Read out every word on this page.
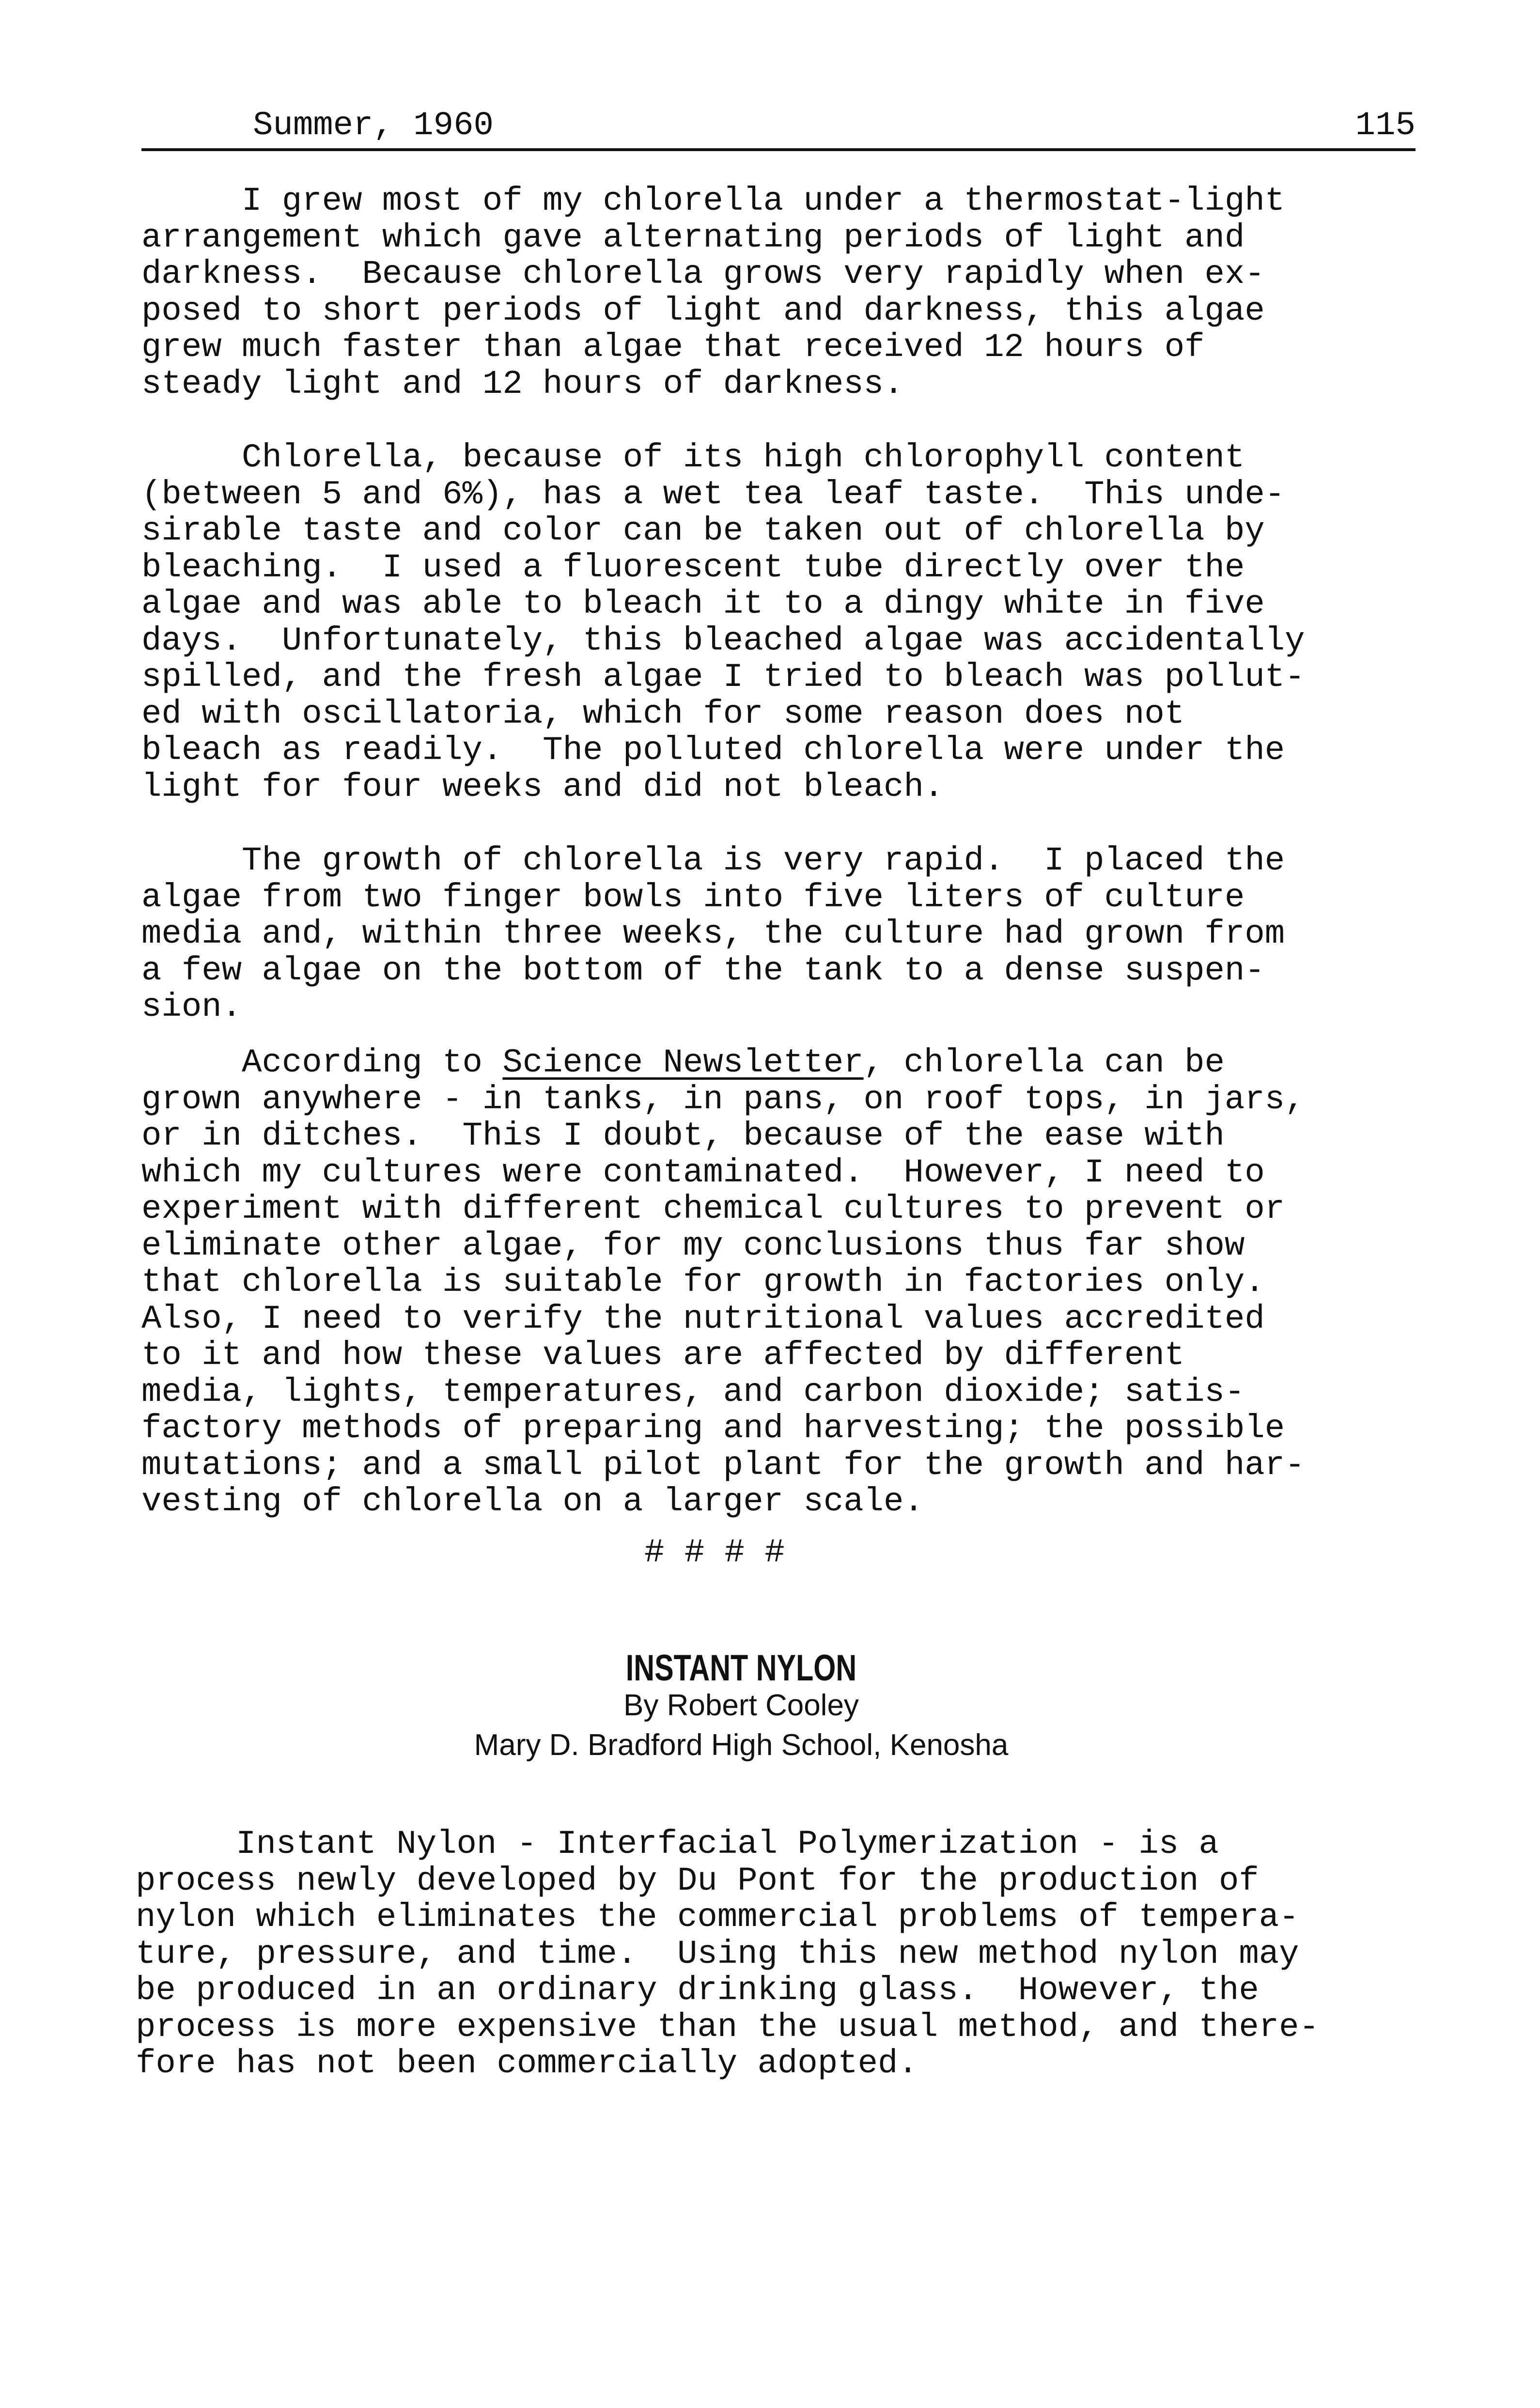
Summer, 1960	115

I grew most of my chlorella under a thermostat-light
arrangement which gave alternating periods of light and
darkness.  Because chlorella grows very rapidly when ex-
posed to short periods of light and darkness, this algae
grew much faster than algae that received 12 hours of
steady light and 12 hours of darkness.

Chlorella, because of its high chlorophyll content
(between 5 and 6%), has a wet tea leaf taste.  This unde-
sirable taste and color can be taken out of chlorella by
bleaching.  I used a fluorescent tube directly over the
algae and was able to bleach it to a dingy white in five
days.  Unfortunately, this bleached algae was accidentally
spilled, and the fresh algae I tried to bleach was pollut-
ed with oscillatoria, which for some reason does not
bleach as readily.  The polluted chlorella were under the
light for four weeks and did not bleach.

The growth of chlorella is very rapid.  I placed the
algae from two finger bowls into five liters of culture
media and, within three weeks, the culture had grown from
a few algae on the bottom of the tank to a dense suspen-
sion.

According to Science Newsletter, chlorella can be
grown anywhere - in tanks, in pans, on roof tops, in jars,
or in ditches.  This I doubt, because of the ease with
which my cultures were contaminated.  However, I need to
experiment with different chemical cultures to prevent or
eliminate other algae, for my conclusions thus far show
that chlorella is suitable for growth in factories only.
Also, I need to verify the nutritional values accredited
to it and how these values are affected by different
media, lights, temperatures, and carbon dioxide; satis-
factory methods of preparing and harvesting; the possible
mutations; and a small pilot plant for the growth and har-
vesting of chlorella on a larger scale.

# # # #
INSTANT NYLON
By Robert Cooley
Mary D. Bradford High School, Kenosha

Instant Nylon - Interfacial Polymerization - is a
process newly developed by Du Pont for the production of
nylon which eliminates the commercial problems of tempera-
ture, pressure, and time.  Using this new method nylon may
be produced in an ordinary drinking glass.  However, the
process is more expensive than the usual method, and there-
fore has not been commercially adopted.
